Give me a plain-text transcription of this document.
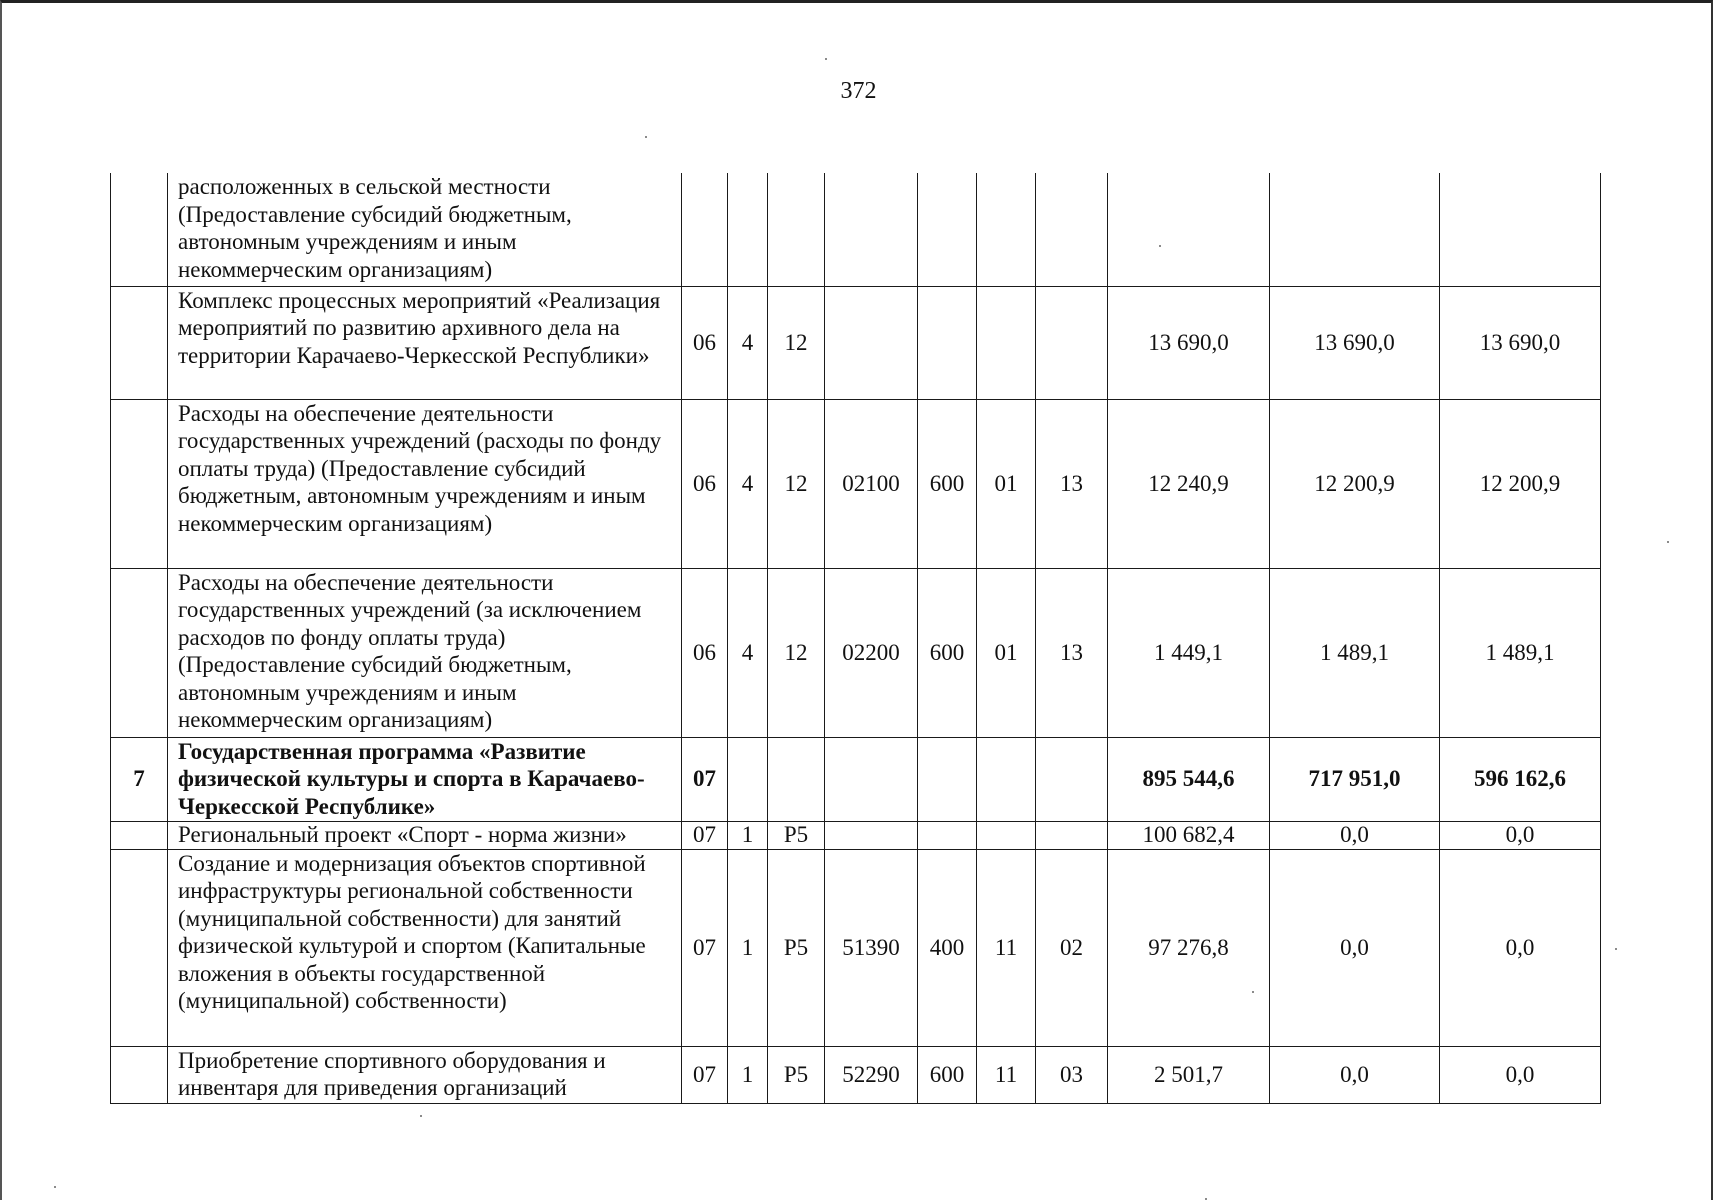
372
	расположенных в сельской местности (Предоставление субсидий бюджетным, автономным учреждениям и иным некоммерческим организациям)										
	Комплекс процессных мероприятий «Реализация мероприятий по развитию архивного дела на территории Карачаево-Черкесской Республики»	06	4	12					13 690,0	13 690,0	13 690,0
	Расходы на обеспечение деятельности государственных учреждений (расходы по фонду оплаты труда) (Предоставление субсидий бюджетным, автономным учреждениям и иным некоммерческим организациям)	06	4	12	02100	600	01	13	12 240,9	12 200,9	12 200,9
	Расходы на обеспечение деятельности государственных учреждений (за исключением расходов по фонду оплаты труда) (Предоставление субсидий бюджетным, автономным учреждениям и иным некоммерческим организациям)	06	4	12	02200	600	01	13	1 449,1	1 489,1	1 489,1
7	Государственная программа «Развитие физической культуры и спорта в Карачаево-Черкесской Республике»	07							895 544,6	717 951,0	596 162,6
	Региональный проект «Спорт - норма жизни»	07	1	Р5					100 682,4	0,0	0,0
	Создание и модернизация объектов спортивной инфраструктуры региональной собственности (муниципальной собственности) для занятий физической культурой и спортом (Капитальные вложения в объекты государственной (муниципальной) собственности)	07	1	Р5	51390	400	11	02	97 276,8	0,0	0,0
	Приобретение спортивного оборудования и инвентаря для приведения организаций	07	1	Р5	52290	600	11	03	2 501,7	0,0	0,0
